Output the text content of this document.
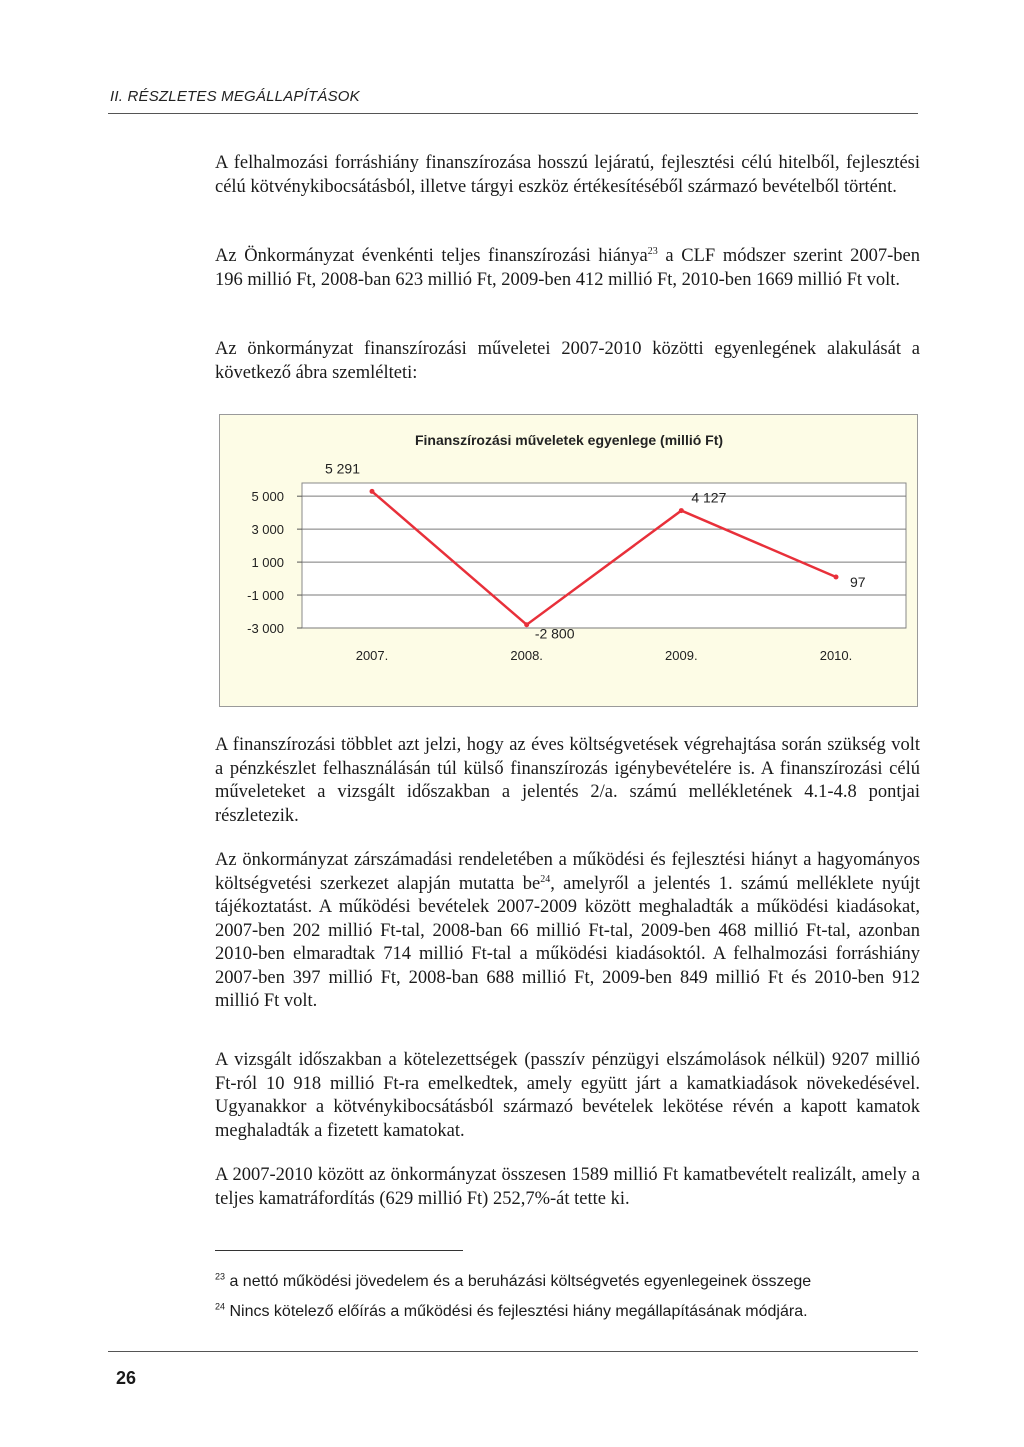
II. RÉSZLETES MEGÁLLAPÍTÁSOK

A felhalmozási forráshiány finanszírozása hosszú lejáratú, fejlesztési célú hitelből, fejlesztési célú kötvénykibocsátásból, illetve tárgyi eszköz értékesítéséből származó bevételből történt.

Az Önkormányzat évenkénti teljes finanszírozási hiánya$^{23}$ a CLF módszer szerint 2007-ben 196 millió Ft, 2008-ban 623 millió Ft, 2009-ben 412 millió Ft, 2010-ben 1669 millió Ft volt.

Az önkormányzat finanszírozási műveletei 2007-2010 közötti egyenlegének alakulását a következő ábra szemlélteti:

Finanszírozási műveletek egyenlege (millió Ft)
5 000
3 000
1 000
-1 000
-3 000
2007.	2008.	2009.	2010.
5 291
-2 800
4 127
97

A finanszírozási többlet azt jelzi, hogy az éves költségvetések végrehajtása során szükség volt a pénzkészlet felhasználásán túl külső finanszírozás igénybevételére is. A finanszírozási célú műveleteket a vizsgált időszakban a jelentés 2/a. számú mellékletének 4.1-4.8 pontjai részletezik.

Az önkormányzat zárszámadási rendeletében a működési és fejlesztési hiányt a hagyományos költségvetési szerkezet alapján mutatta $be^{24}$, amelyről a jelentés 1. számú melléklete nyújt tájékoztatást. A működési bevételek 2007-2009 között meghaladták a működési kiadásokat, 2007-ben 202 millió Ft-tal, 2008-ban 66 millió Ft-tal, 2009-ben 468 millió Ft-tal, azonban 2010-ben elmaradtak 714 millió Ft-tal a működési kiadásoktól. A felhalmozási forráshiány 2007-ben 397 millió Ft, 2008-ban 688 millió Ft, 2009-ben 849 millió Ft és 2010-ben 912 millió Ft volt.

A vizsgált időszakban a kötelezettségek (passzív pénzügyi elszámolások nélkül) 9207 millió Ft-ról 10 918 millió Ft-ra emelkedtek, amely együtt járt a kamatkiadások növekedésével. Ugyanakkor a kötvénykibocsátásból származó bevételek lekötése révén a kapott kamatok meghaladták a fizetett kamatokat.

A 2007-2010 között az önkormányzat összesen 1589 millió Ft kamatbevételt realizált, amely a teljes kamatráfordítás (629 millió Ft) 252,7%-át tette ki.

$^{23}$ a nettó működési jövedelem és a beruházási költségvetés egyenlegeinek összege
$^{24}$ Nincs kötelező előírás a működési és fejlesztési hiány megállapításának módjára.
26
